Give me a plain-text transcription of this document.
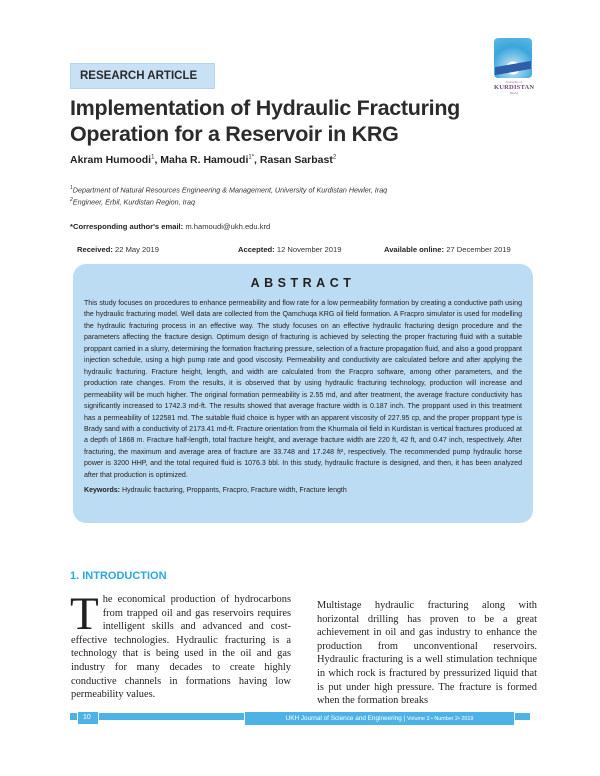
University of
KURDISTAN
Hewler
RESEARCH ARTICLE
Implementation of Hydraulic Fracturing Operation for a Reservoir in KRG
Akram Humoodi$^1$, Maha R. Hamoudi$^{1*}$, Rasan Sarbast$^2$
$^1$Department of Natural Resources Engineering & Management, University of Kurdistan Hewler, Iraq
$^2$Engineer, Erbil, Kurdistan Region, Iraq
*Corresponding author's email: m.hamoudi@ukh.edu.krd
Received: 22 May 2019	Accepted: 12 November 2019	Available online: 27 December 2019
ABSTRACT
This study focuses on procedures to enhance permeability and flow rate for a low permeability formation by creating a conductive path using the hydraulic fracturing model. Well data are collected from the Qamchuqa KRG oil field formation. A Fracpro simulator is used for modelling the hydraulic fracturing process in an effective way. The study focuses on an effective hydraulic fracturing design procedure and the parameters affecting the fracture design. Optimum design of fracturing is achieved by selecting the proper fracturing fluid with a suitable proppant carried in a slurry, determining the formation fracturing pressure, selection of a fracture propagation fluid, and also a good proppant injection schedule, using a high pump rate and good viscosity. Permeability and conductivity are calculated before and after applying the hydraulic fracturing. Fracture height, length, and width are calculated from the Fracpro software, among other parameters, and the production rate changes. From the results, it is observed that by using hydraulic fracturing technology, production will increase and permeability will be much higher. The original formation permeability is 2.55 md, and after treatment, the average fracture conductivity has significantly increased to 1742.3 md-ft. The results showed that average fracture width is 0.187 inch. The proppant used in this treatment has a permeability of 122581 md. The suitable fluid choice is hyper with an apparent viscosity of 227.95 cp, and the proper proppant type is Brady sand with a conductivity of 2173.41 md-ft. Fracture orientation from the Khurmala oil field in Kurdistan is vertical fractures produced at a depth of 1868 m. Fracture half-length, total fracture height, and average fracture width are 220 ft, 42 ft, and 0.47 inch, respectively. After fracturing, the maximum and average area of fracture are 33.748 and 17.248 ft², respectively. The recommended pump hydraulic horse power is 3200 HHP, and the total required fluid is 1076.3 bbl. In this study, hydraulic fracture is designed, and then, it has been analyzed after that production is optimized.
Keywords: Hydraulic fracturing, Proppants, Fracpro, Fracture width, Fracture length
1. INTRODUCTION
The economical production of hydrocarbons from trapped oil and gas reservoirs requires intelligent skills and advanced and cost-effective technologies. Hydraulic fracturing is a technology that is being used in the oil and gas industry for many decades to create highly conductive channels in formations having low permeability values.
Multistage hydraulic fracturing along with horizontal drilling has proven to be a great achievement in oil and gas industry to enhance the production from unconventional reservoirs. Hydraulic fracturing is a well stimulation technique in which rock is fractured by pressurized liquid that is put under high pressure. The fracture is formed when the formation breaks
10	UKH Journal of Science and Engineering | Volume 3 • Number 2• 2019
